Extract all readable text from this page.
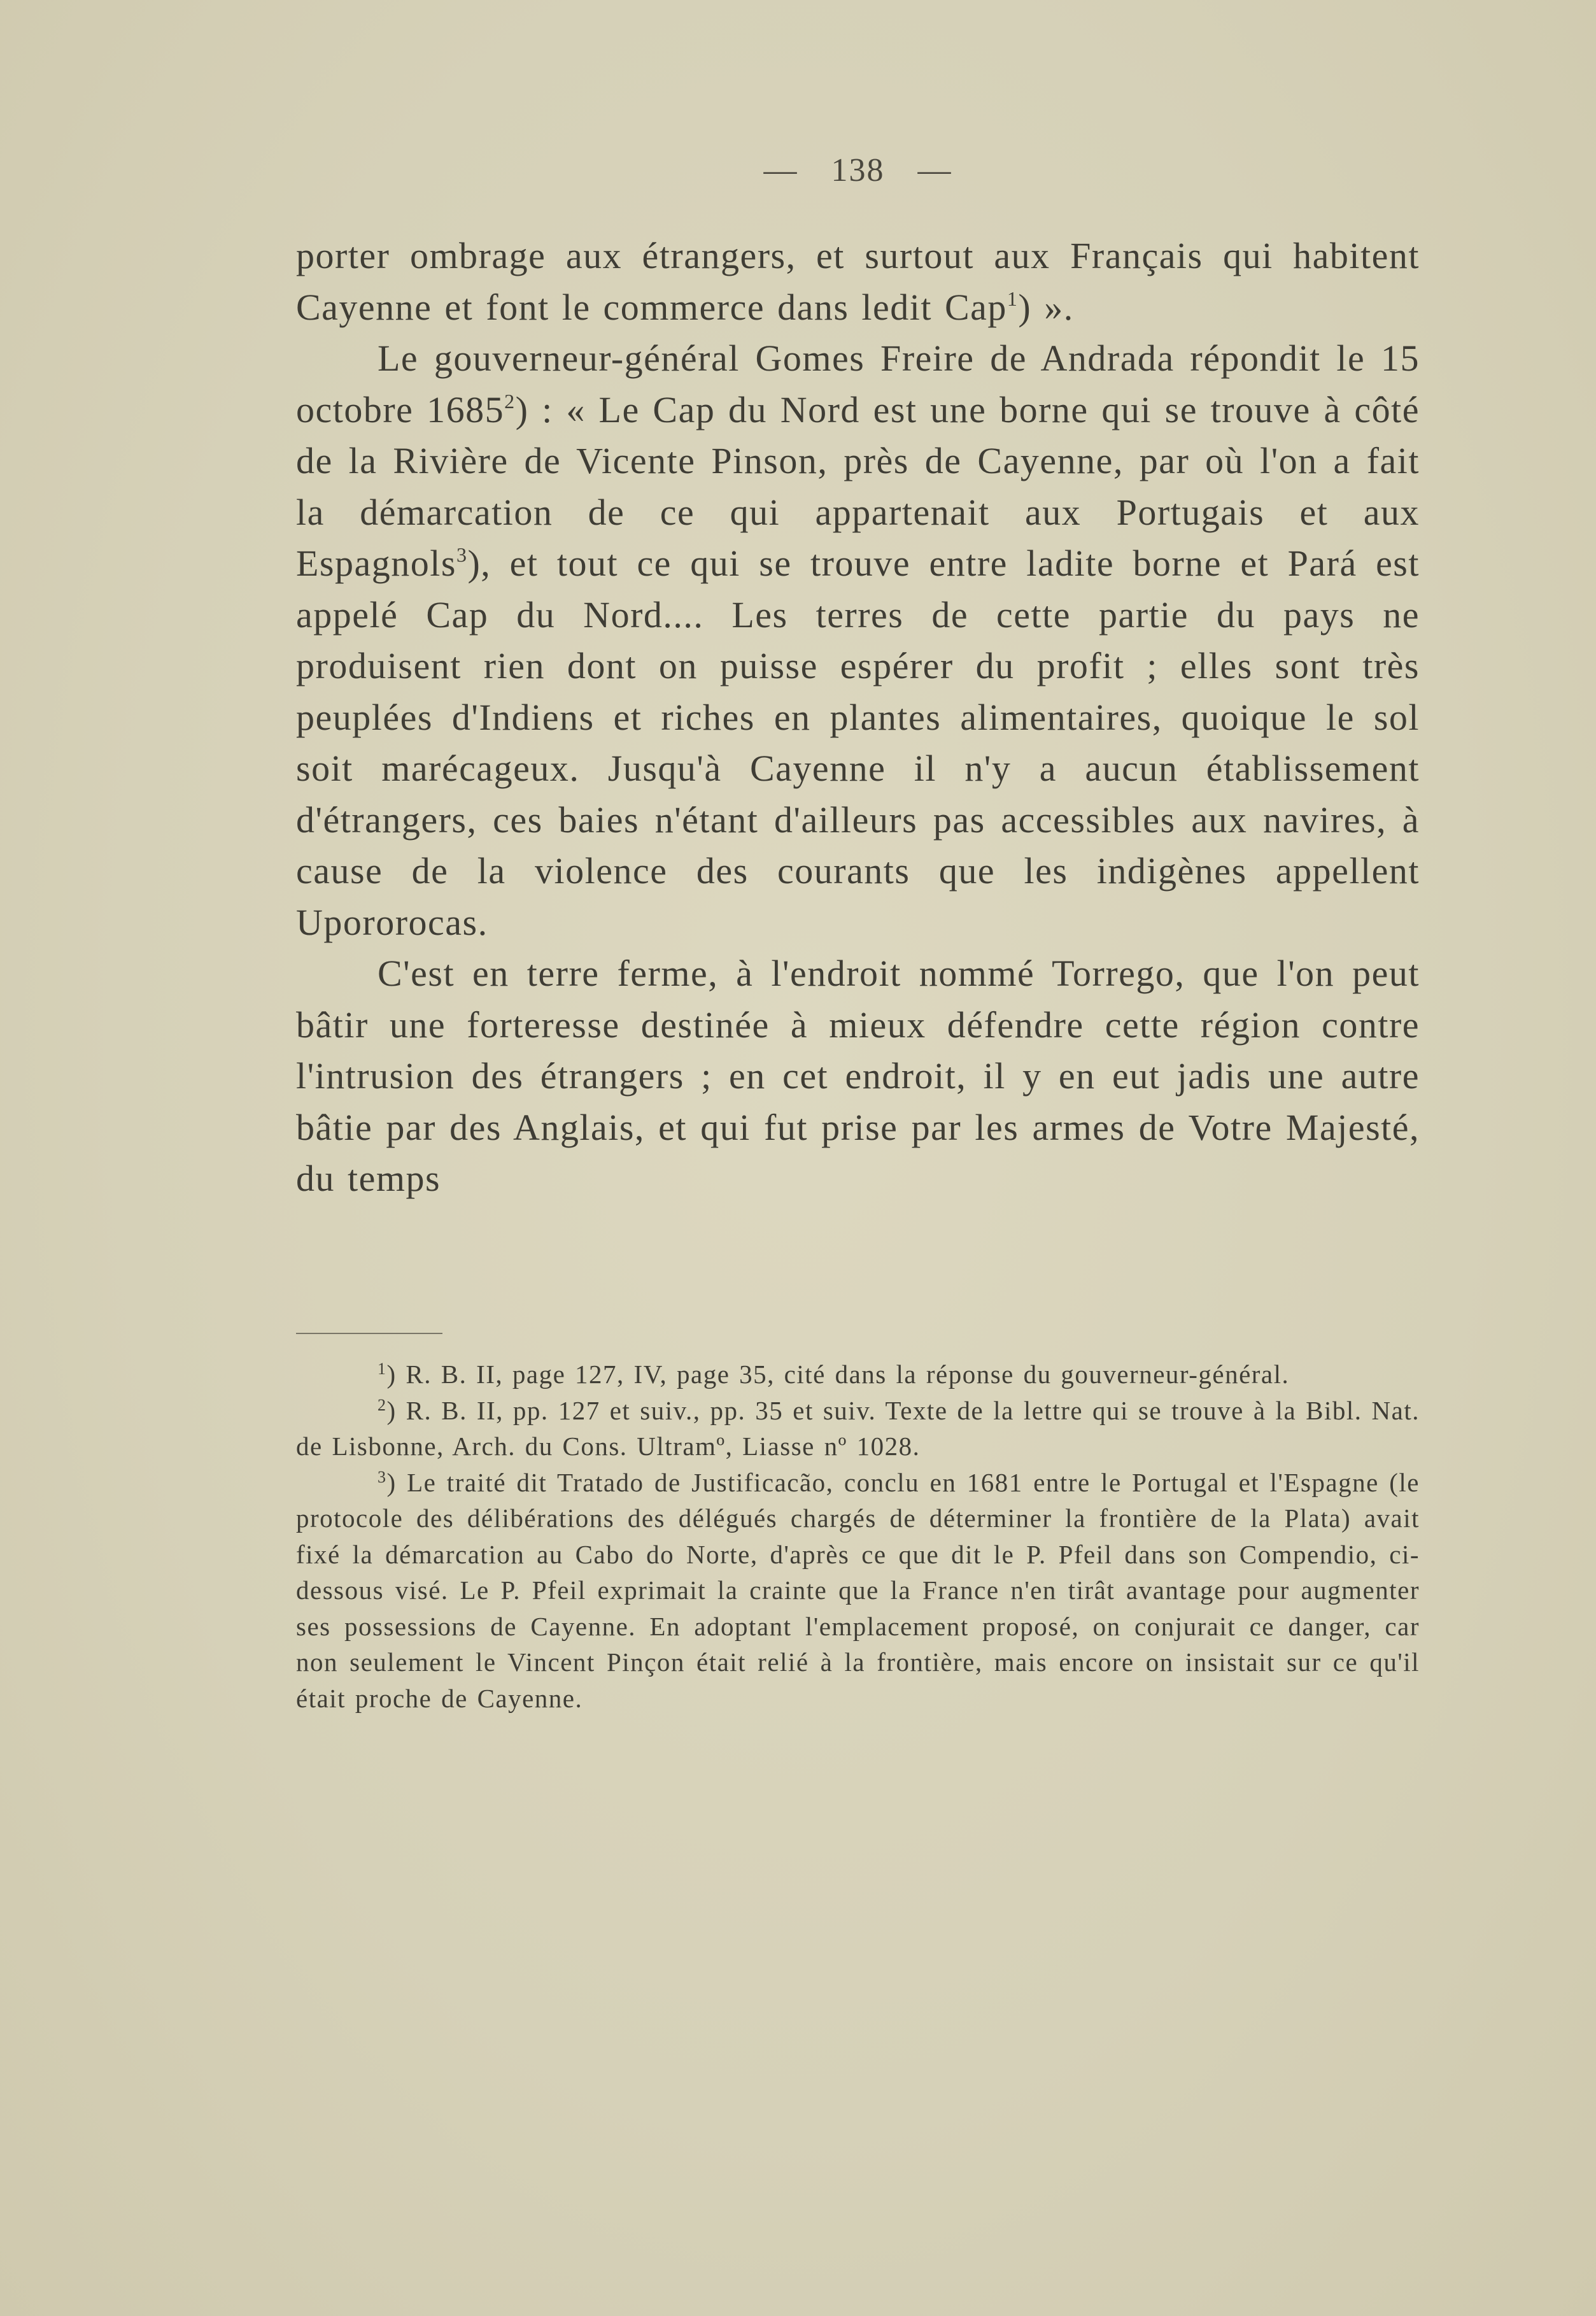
— 138 —

porter ombrage aux étrangers, et surtout aux Français qui habitent Cayenne et font le commerce dans ledit Cap$^1$) ».

Le gouverneur-général Gomes Freire de Andrada répondit le 15 octobre 1685$^2$) : « Le Cap du Nord est une borne qui se trouve à côté de la Rivière de Vicente Pinson, près de Cayenne, par où l'on a fait la démarcation de ce qui appartenait aux Portugais et aux Espagnols$^3$), et tout ce qui se trouve entre ladite borne et Pará est appelé Cap du Nord.... Les terres de cette partie du pays ne produisent rien dont on puisse espérer du profit ; elles sont très peuplées d'Indiens et riches en plantes alimentaires, quoique le sol soit marécageux. Jusqu'à Cayenne il n'y a aucun établissement d'étrangers, ces baies n'étant d'ailleurs pas accessibles aux navires, à cause de la violence des courants que les indigènes appellent Upororocas.

C'est en terre ferme, à l'endroit nommé Torrego, que l'on peut bâtir une forteresse destinée à mieux défendre cette région contre l'intrusion des étrangers ; en cet endroit, il y en eut jadis une autre bâtie par des Anglais, et qui fut prise par les armes de Votre Majesté, du temps

$^1$) R. B. II, page 127, IV, page 35, cité dans la réponse du gouverneur-général.

$^2$) R. B. II, pp. 127 et suiv., pp. 35 et suiv. Texte de la lettre qui se trouve à la Bibl. Nat. de Lisbonne, Arch. du Cons. Ultramº, Liasse nº 1028.

$^3$) Le traité dit Tratado de Justificacão, conclu en 1681 entre le Portugal et l'Espagne (le protocole des délibérations des délégués chargés de déterminer la frontière de la Plata) avait fixé la démarcation au Cabo do Norte, d'après ce que dit le P. Pfeil dans son Compendio, ci-dessous visé. Le P. Pfeil exprimait la crainte que la France n'en tirât avantage pour augmenter ses possessions de Cayenne. En adoptant l'emplacement proposé, on conjurait ce danger, car non seulement le Vincent Pinçon était relié à la frontière, mais encore on insistait sur ce qu'il était proche de Cayenne.
